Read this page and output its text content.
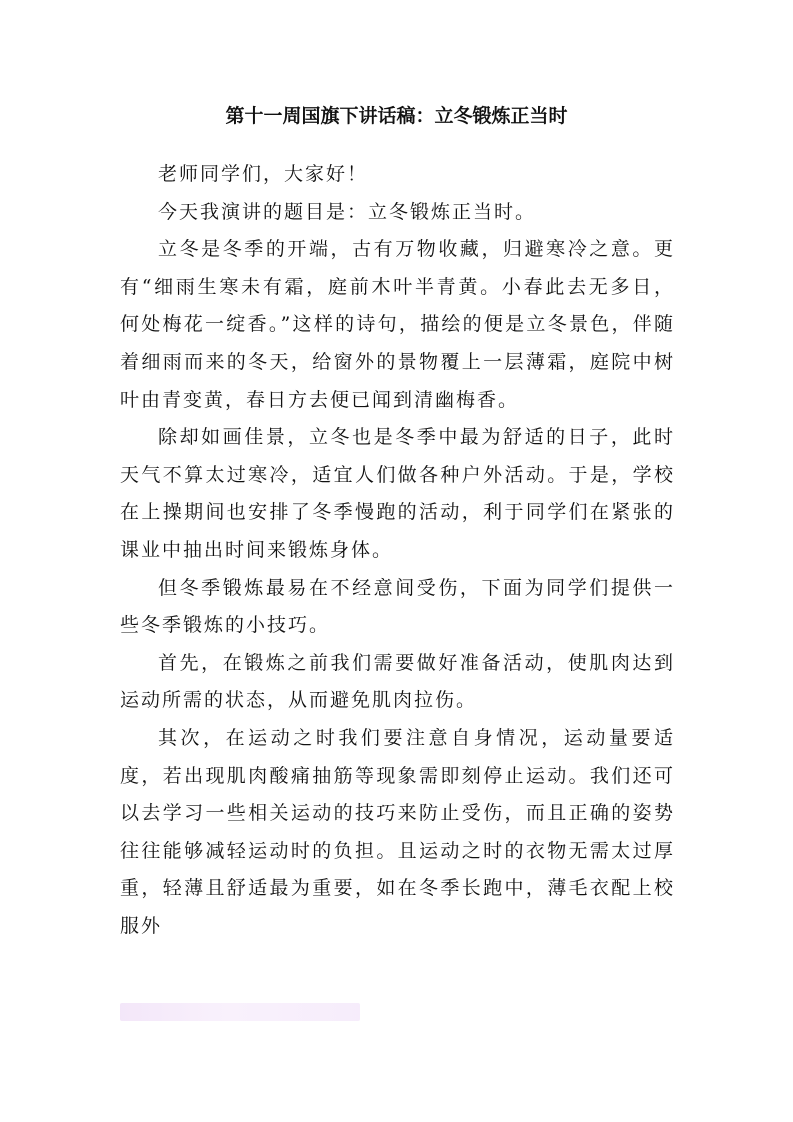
第十一周国旗下讲话稿：立冬锻炼正当时

老师同学们，大家好！

今天我演讲的题目是：立冬锻炼正当时。

立冬是冬季的开端，古有万物收藏，归避寒冷之意。更有“细雨生寒未有霜，庭前木叶半青黄。小春此去无多日，何处梅花一绽香。”这样的诗句，描绘的便是立冬景色，伴随着细雨而来的冬天，给窗外的景物覆上一层薄霜，庭院中树叶由青变黄，春日方去便已闻到清幽梅香。

除却如画佳景，立冬也是冬季中最为舒适的日子，此时天气不算太过寒冷，适宜人们做各种户外活动。于是，学校在上操期间也安排了冬季慢跑的活动，利于同学们在紧张的课业中抽出时间来锻炼身体。

但冬季锻炼最易在不经意间受伤，下面为同学们提供一些冬季锻炼的小技巧。

首先，在锻炼之前我们需要做好准备活动，使肌肉达到运动所需的状态，从而避免肌肉拉伤。

其次，在运动之时我们要注意自身情况，运动量要适度，若出现肌肉酸痛抽筋等现象需即刻停止运动。我们还可以去学习一些相关运动的技巧来防止受伤，而且正确的姿势往往能够减轻运动时的负担。且运动之时的衣物无需太过厚重，轻薄且舒适最为重要，如在冬季长跑中，薄毛衣配上校服外
